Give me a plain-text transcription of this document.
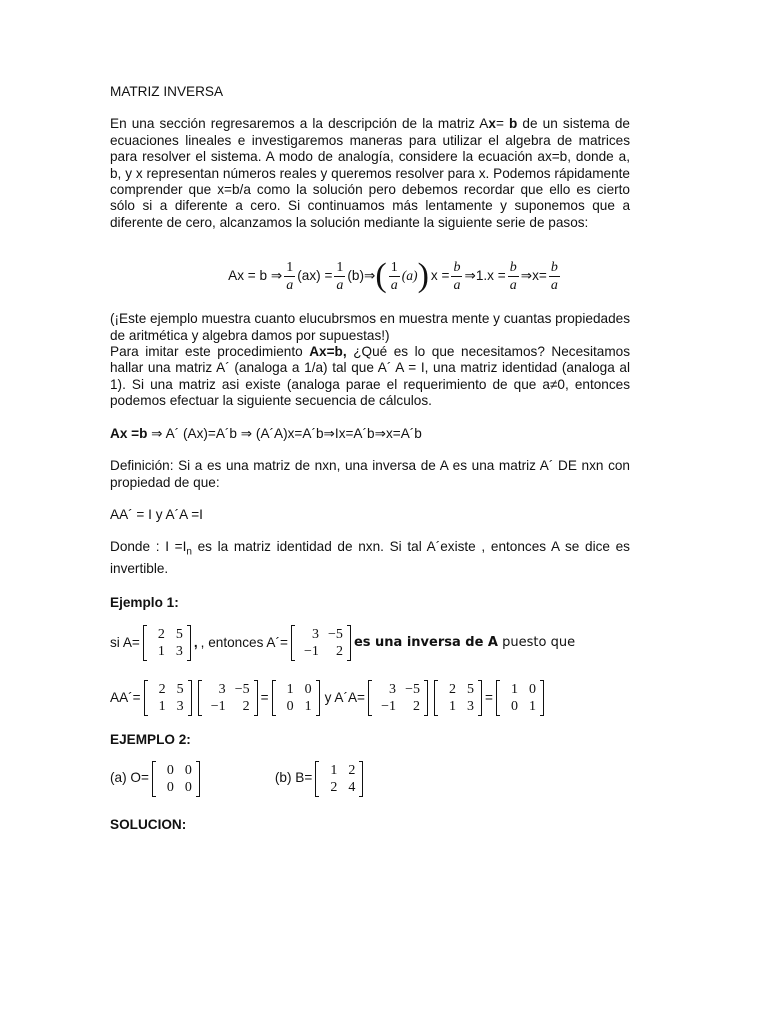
MATRIZ INVERSA

En una sección regresaremos a la descripción de la matriz Ax= b de un sistema de ecuaciones lineales e investigaremos maneras para utilizar el algebra de matrices para resolver el sistema. A modo de analogía, considere la ecuación ax=b, donde a, b, y x representan números reales y queremos resolver para x. Podemos rápidamente comprender que x=b/a como la solución pero debemos recordar que ello es cierto sólo si a diferente a cero. Si continuamos más lentamente y suponemos que a diferente de cero, alcanzamos la solución mediante la siguiente serie de pasos:

Ax = b ⇒ $\frac{1}{a} (ax) = \frac{1}{a}$ (b)⇒ ( $\frac{1}{a} (a)$ ) $x = \frac{b}{a}$ ⇒1.x = $\frac{b}{a}$ ⇒x= $\frac{b}{a}$

(¡Este ejemplo muestra cuanto elucubrsmos en muestra mente y cuantas propiedades de aritmética y algebra damos por supuestas!)

Para imitar este procedimiento Ax=b, ¿Qué es lo que necesitamos? Necesitamos hallar una matriz A´ (analoga a 1/a) tal que A´ A = I, una matriz identidad (analoga al 1). Si una matriz asi existe (analoga parae el requerimiento de que a≠0, entonces podemos efectuar la siguiente secuencia de cálculos.

Ax =b ⇒ A´ (Ax)=A´b ⇒ (A´A)x=A´b⇒Ix=A´b⇒x=A´b

Definición: Si a es una matriz de nxn, una inversa de A es una matriz A´ DE nxn con propiedad de que:

AA´ = I y A´A =I

Donde : $I =I_n$ es la matriz identidad de nxn. Si tal A´existe , entonces A se dice es invertible.

Ejemplo 1:

si A=
2	5
1	3
, , entonces A´=
3	−5
−1	2
es una inversa de A puesto que
AA´=
2	5
1	3
3	−5
−1	2
=
1	0
0	1
y A´A=
3	−5
−1	2
2	5
1	3
=
1	0
0	1

EJEMPLO 2:

(a) O=
0	0
0	0
(b) B=
1	2
2	4

SOLUCION:
